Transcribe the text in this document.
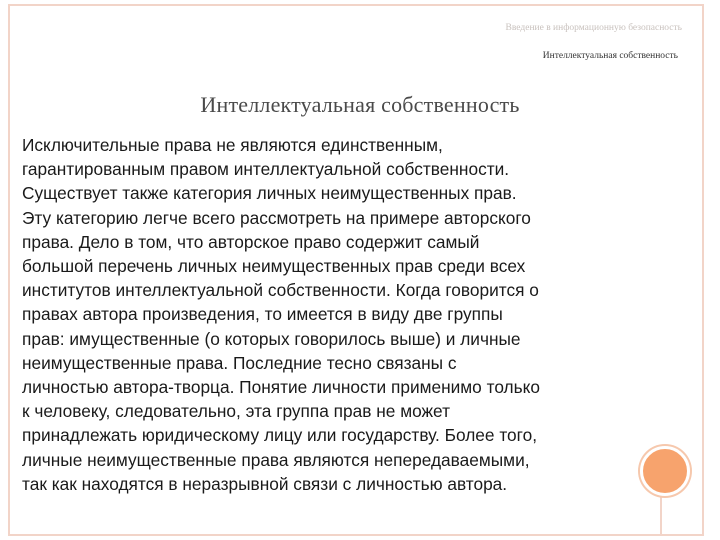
Введение в информационную безопасность
Интеллектуальная собственность
Интеллектуальная собственность
Исключительные права не являются единственным,
гарантированным правом интеллектуальной собственности.
Существует также категория личных неимущественных прав.
Эту категорию легче всего рассмотреть на примере авторского
права. Дело в том, что авторское право содержит самый
большой перечень личных неимущественных прав среди всех
институтов интеллектуальной собственности. Когда говорится о
правах автора произведения, то имеется в виду две группы
прав: имущественные (о которых говорилось выше) и личные
неимущественные права. Последние тесно связаны с
личностью автора-творца. Понятие личности применимо только
к человеку, следовательно, эта группа прав не может
принадлежать юридическому лицу или государству. Более того,
личные неимущественные права являются непередаваемыми,
так как находятся в неразрывной связи с личностью автора.
